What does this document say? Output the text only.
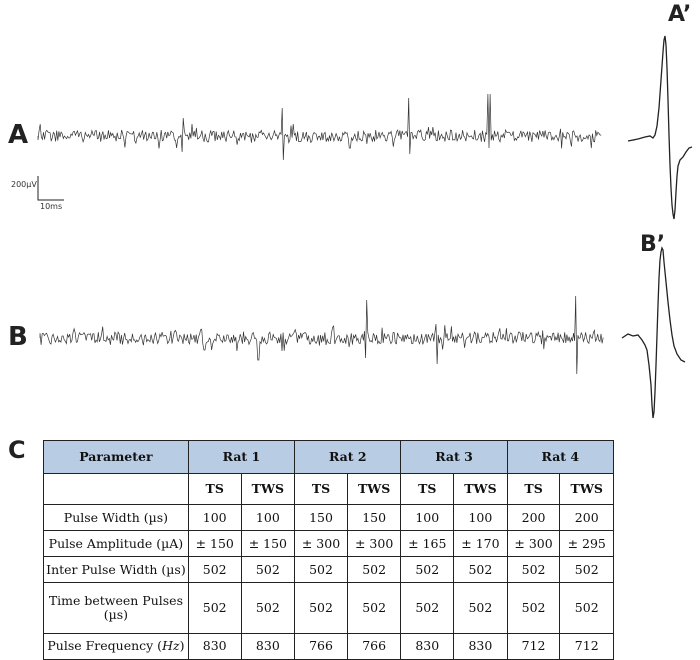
A
A’
B
B’
C
200µV
10ms
Parameter	Rat 1		Rat 2		Rat 3		Rat 4	
	TS	TWS	TS	TWS	TS	TWS	TS	TWS
Pulse Width (µs)	100	100	150	150	100	100	200	200
Pulse Amplitude (µA)	± 150	± 150	± 300	± 300	± 165	± 170	± 300	± 295
Inter Pulse Width (µs)	502	502	502	502	502	502	502	502
Time between Pulses (µs)	502	502	502	502	502	502	502	502
Pulse Frequency (Hz)	830	830	766	766	830	830	712	712
